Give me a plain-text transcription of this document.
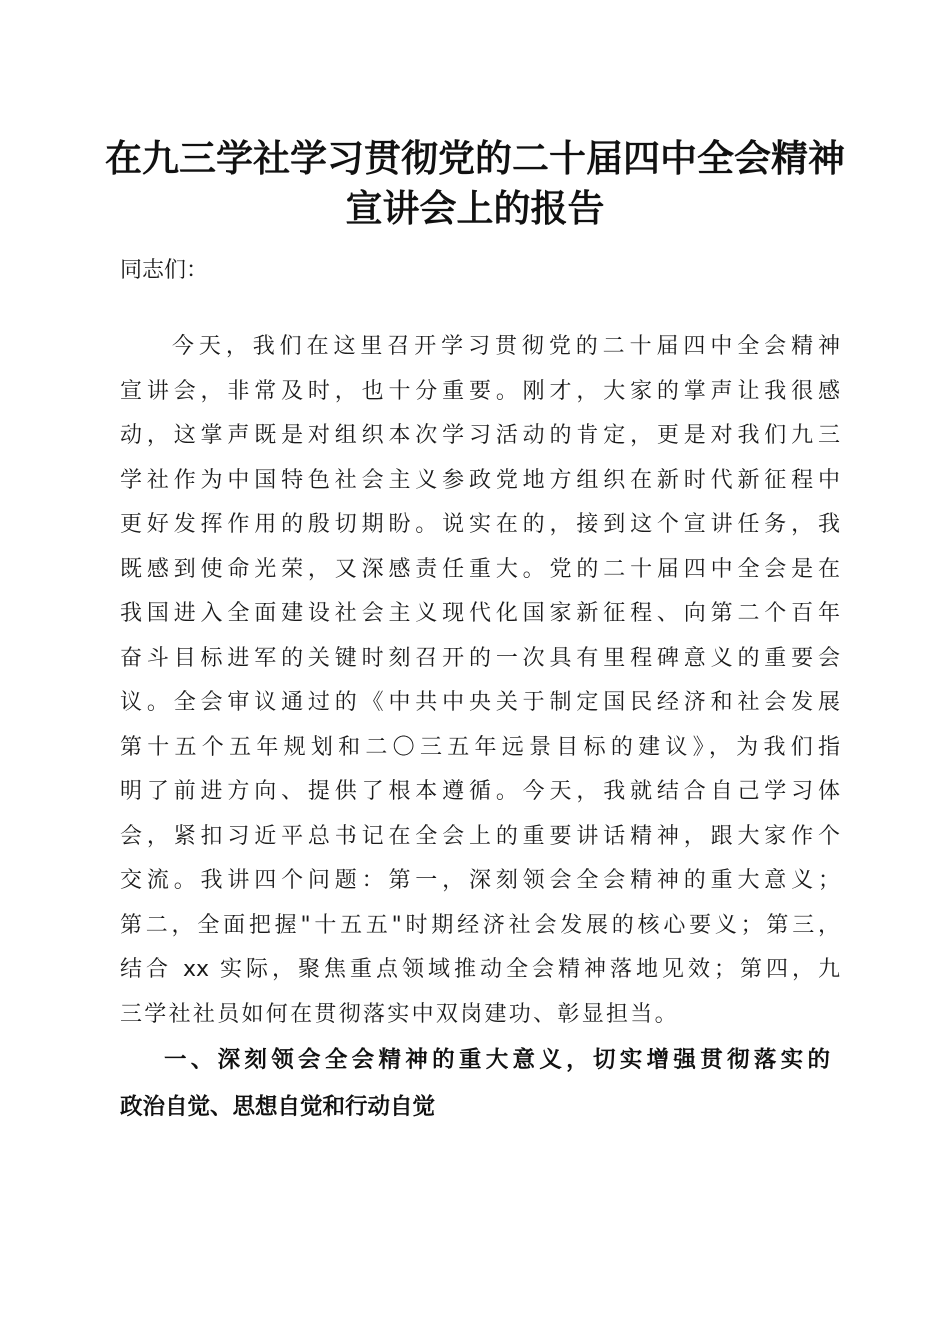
在九三学社学习贯彻党的二十届四中全会精神
宣讲会上的报告

同志们：

今天，我们在这里召开学习贯彻党的二十届四中全会精神
宣讲会，非常及时，也十分重要。刚才，大家的掌声让我很感
动，这掌声既是对组织本次学习活动的肯定，更是对我们九三
学社作为中国特色社会主义参政党地方组织在新时代新征程中
更好发挥作用的殷切期盼。说实在的，接到这个宣讲任务，我
既感到使命光荣，又深感责任重大。党的二十届四中全会是在
我国进入全面建设社会主义现代化国家新征程、向第二个百年
奋斗目标进军的关键时刻召开的一次具有里程碑意义的重要会
议。全会审议通过的《中共中央关于制定国民经济和社会发展
第十五个五年规划和二〇三五年远景目标的建议》，为我们指
明了前进方向、提供了根本遵循。今天，我就结合自己学习体
会，紧扣习近平总书记在全会上的重要讲话精神，跟大家作个
交流。我讲四个问题：第一，深刻领会全会精神的重大意义；
第二，全面把握"十五五"时期经济社会发展的核心要义；第三，
结合 xx 实际，聚焦重点领域推动全会精神落地见效；第四，九
三学社社员如何在贯彻落实中双岗建功、彰显担当。

一、深刻领会全会精神的重大意义，切实增强贯彻落实的
政治自觉、思想自觉和行动自觉
